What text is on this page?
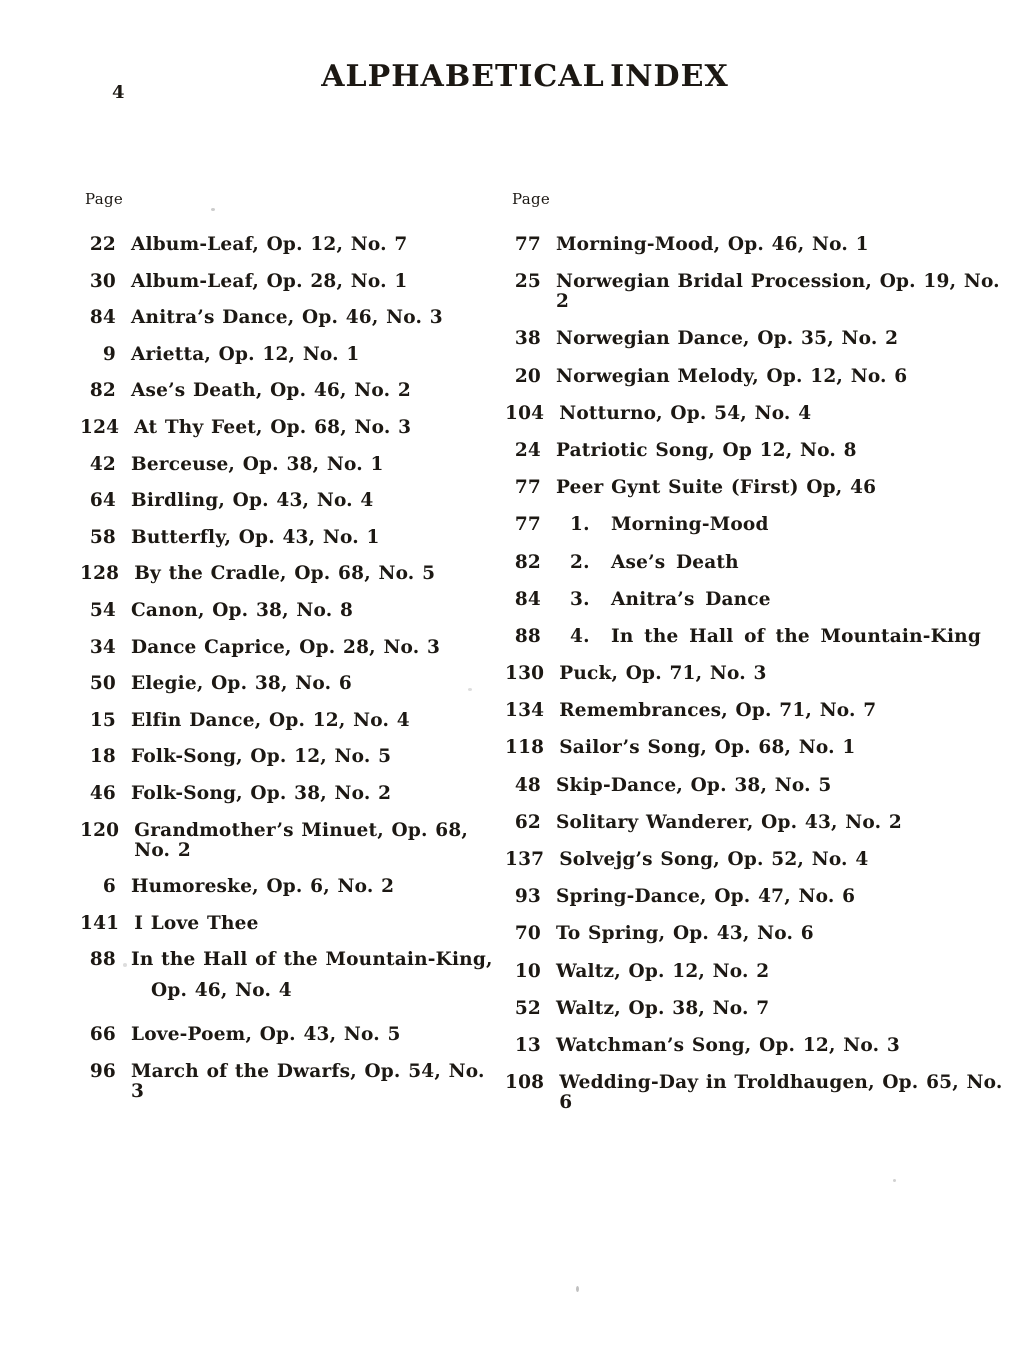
4	ALPHABETICAL INDEX
Page
22 Album-Leaf, Op. 12, No. 7
30 Album-Leaf, Op. 28, No. 1
84 Anitra’s Dance, Op. 46, No. 3
9 Arietta, Op. 12, No. 1
82 Ase’s Death, Op. 46, No. 2
124 At Thy Feet, Op. 68, No. 3
42 Berceuse, Op. 38, No. 1
64 Birdling, Op. 43, No. 4
58 Butterfly, Op. 43, No. 1
128 By the Cradle, Op. 68, No. 5
54 Canon, Op. 38, No. 8
34 Dance Caprice, Op. 28, No. 3
50 Elegie, Op. 38, No. 6
15 Elfin Dance, Op. 12, No. 4
18 Folk-Song, Op. 12, No. 5
46 Folk-Song, Op. 38, No. 2
120 Grandmother’s Minuet, Op. 68, No. 2
6 Humoreske, Op. 6, No. 2
141 I Love Thee
88 In the Hall of the Mountain-King,
Op. 46, No. 4
66 Love-Poem, Op. 43, No. 5
96 March of the Dwarfs, Op. 54, No. 3
Page
77 Morning-Mood, Op. 46, No. 1
25 Norwegian Bridal Procession, Op. 19, No. 2
38 Norwegian Dance, Op. 35, No. 2
20 Norwegian Melody, Op. 12, No. 6
104 Notturno, Op. 54, No. 4
24 Patriotic Song, Op 12, No. 8
77 Peer Gynt Suite (First) Op, 46
77 1.  Morning-Mood
82 2.  Ase’s Death
84 3.  Anitra’s Dance
88 4.  In the Hall of the Mountain-King
130 Puck, Op. 71, No. 3
134 Remembrances, Op. 71, No. 7
118 Sailor’s Song, Op. 68, No. 1
48 Skip-Dance, Op. 38, No. 5
62 Solitary Wanderer, Op. 43, No. 2
137 Solvejg’s Song, Op. 52, No. 4
93 Spring-Dance, Op. 47, No. 6
70 To Spring, Op. 43, No. 6
10 Waltz, Op. 12, No. 2
52 Waltz, Op. 38, No. 7
13 Watchman’s Song, Op. 12, No. 3
108 Wedding-Day in Troldhaugen, Op. 65, No. 6
